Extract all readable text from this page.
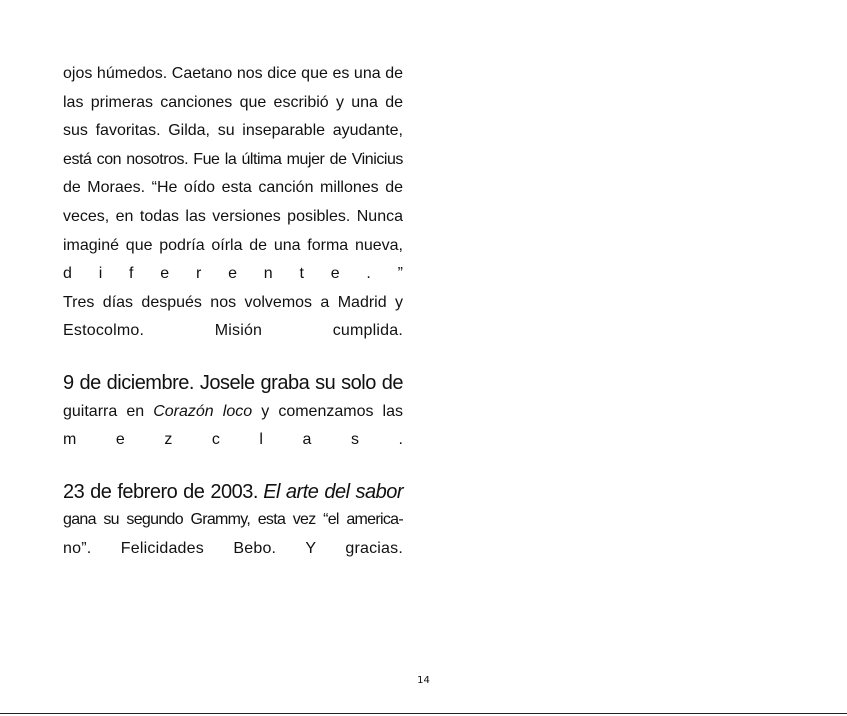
ojos húmedos. Caetano nos dice que es una de
las primeras canciones que escribió y una de
sus favoritas. Gilda, su inseparable ayudante,
está con nosotros. Fue la última mujer de Vinicius
de Moraes. “He oído esta canción millones de
veces, en todas las versiones posibles. Nunca
imaginé que podría oírla de una forma nueva,
d i f e r e n t e . ”
Tres días después nos volvemos a Madrid y
Estocolmo. Misión cumplida.
9 de diciembre. Josele graba su solo de
guitarra en Corazón loco y comenzamos las
m e z c l a s .
23 de febrero de 2003. El arte del sabor
gana su segundo Grammy, esta vez “el america-
no”. Felicidades Bebo. Y gracias.
14
